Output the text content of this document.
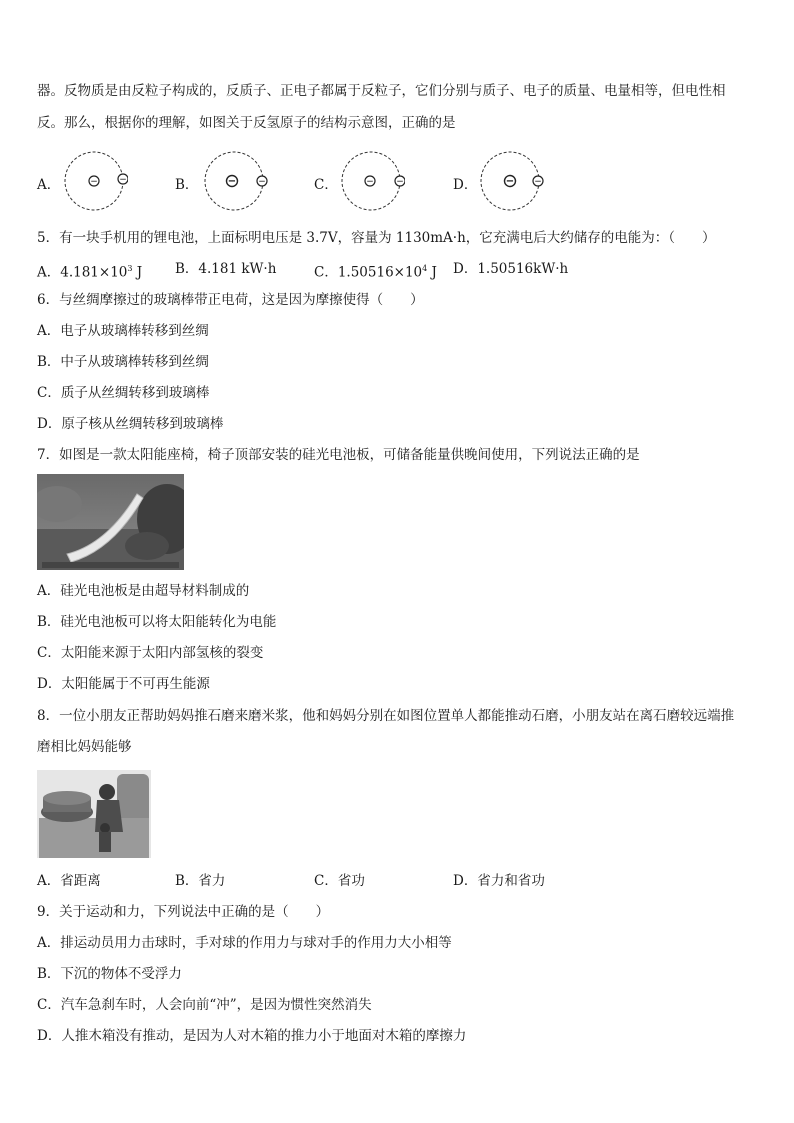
器。反物质是由反粒子构成的，反质子、正电子都属于反粒子，它们分别与质子、电子的质量、电量相等，但电性相
反。那么，根据你的理解，如图关于反氢原子的结构示意图，正确的是
A．	− −	B．	− −	C．	− −	D．	− −
5．有一块手机用的锂电池，上面标明电压是 3.7V，容量为 1130mA·h，它充满电后大约储存的电能为：（　　）
A．$4.181\times 10^3$ J B．4.181 kW·h	C．$1.50516\times 10^4$ J D．1.50516kW·h
6．与丝绸摩擦过的玻璃棒带正电荷，这是因为摩擦使得（　　）
A．电子从玻璃棒转移到丝绸
B．中子从玻璃棒转移到丝绸
C．质子从丝绸转移到玻璃棒
D．原子核从丝绸转移到玻璃棒
7．如图是一款太阳能座椅，椅子顶部安装的硅光电池板，可储备能量供晚间使用，下列说法正确的是
A．硅光电池板是由超导材料制成的
B．硅光电池板可以将太阳能转化为电能
C．太阳能来源于太阳内部氢核的裂变
D．太阳能属于不可再生能源
8．一位小朋友正帮助妈妈推石磨来磨米浆，他和妈妈分别在如图位置单人都能推动石磨，小朋友站在离石磨较远端推
磨相比妈妈能够
A．省距离	B．省力	C．省功	D．省力和省功
9．关于运动和力，下列说法中正确的是（　　）
A．排运动员用力击球时，手对球的作用力与球对手的作用力大小相等
B．下沉的物体不受浮力
C．汽车急刹车时，人会向前“冲”，是因为惯性突然消失
D．人推木箱没有推动，是因为人对木箱的推力小于地面对木箱的摩擦力
